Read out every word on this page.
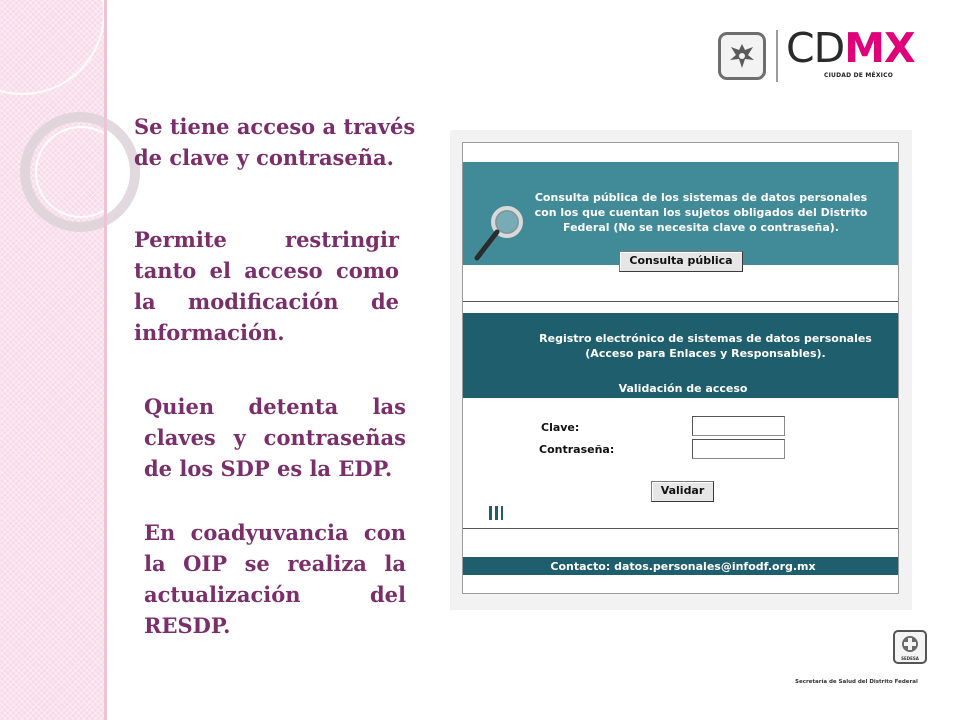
CDMX
CIUDAD DE MÉXICO
Se tiene acceso a través de clave y contraseña.
Permite restringir
tanto el acceso como
la modificación de
información.
Quien detenta las
claves y contraseñas
de los SDP es la EDP.
En coadyuvancia con
la OIP se realiza la
actualización del
RESDP.
Consulta pública de los sistemas de datos personales con los que cuentan los sujetos obligados del Distrito Federal (No se necesita clave o contraseña).
Consulta pública
Registro electrónico de sistemas de datos personales (Acceso para Enlaces y Responsables).
Validación de acceso
Clave:
Contraseña:
Validar
Contacto: datos.personales@infodf.org.mx
SEDESA
Secretaría de Salud del Distrito Federal
